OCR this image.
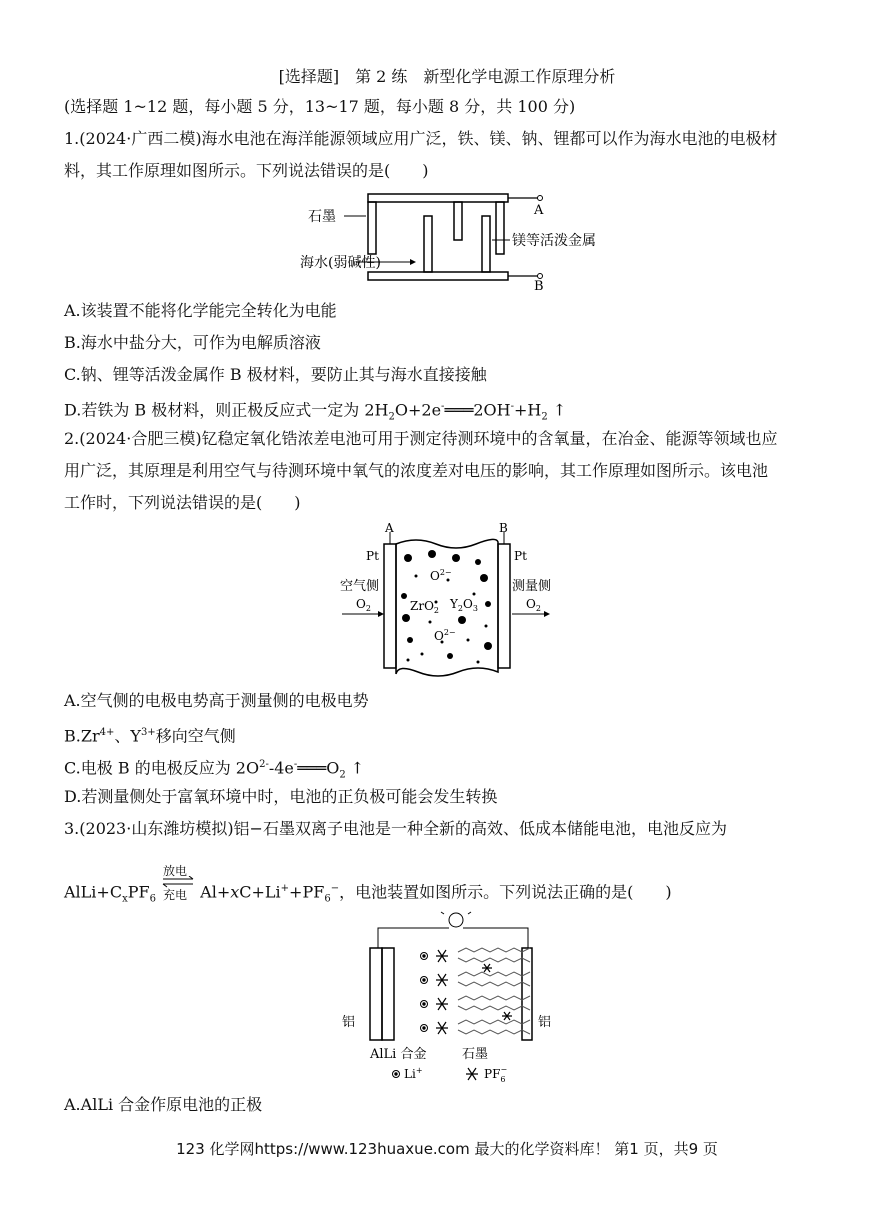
[选择题]　第 2 练　新型化学电源工作原理分析
(选择题 1~12 题，每小题 5 分，13~17 题，每小题 8 分，共 100 分)
1.(2024·广西二模)海水电池在海洋能源领域应用广泛，铁、镁、钠、锂都可以作为海水电池的电极材
料，其工作原理如图所示。下列说法错误的是(　　)
石墨
镁等活泼金属
海水(弱碱性)
A
B
A.该装置不能将化学能完全转化为电能
B.海水中盐分大，可作为电解质溶液
C.钠、锂等活泼金属作 B 极材料，要防止其与海水直接接触
D.若铁为 B 极材料，则正极反应式一定为 $2H_2O+2e^-═══2OH^-+H_2$ ↑
2.(2024·合肥三模)钇稳定氧化锆浓差电池可用于测定待测环境中的含氧量，在冶金、能源等领域也应
用广泛，其原理是利用空气与待测环境中氧气的浓度差对电压的影响，其工作原理如图所示。该电池
工作时，下列说法错误的是(　　)
A	B
Pt	Pt
空气侧	测量侧
$O_2$	$O_2$
$O^{2-}$
ZrO$_2$ $Y_2O_3$
$O^{2-}$
A.空气侧的电极电势高于测量侧的电极电势
$B.Zr^{4+}$、$Y^{3+}$移向空气侧
C.电极 B 的电极反应为 $2O^{2-}-4e^-═══O_2$ ↑
D.若测量侧处于富氧环境中时，电池的正负极可能会发生转换
3.(2023·山东潍坊模拟)铝−石墨双离子电池是一种全新的高效、低成本储能电池，电池反应为
$AlLi+C_xPF_6$
放电
充电 $Al+xC+Li^++PF_6^-$，电池装置如图所示。下列说法正确的是(　　)
铝	铝
AlLi 合金	石墨
Li+	$PF_6-$
A.AlLi 合金作原电池的正极
123 化学网https://www.123huaxue.com 最大的化学资料库！ 第1 页，共9 页
